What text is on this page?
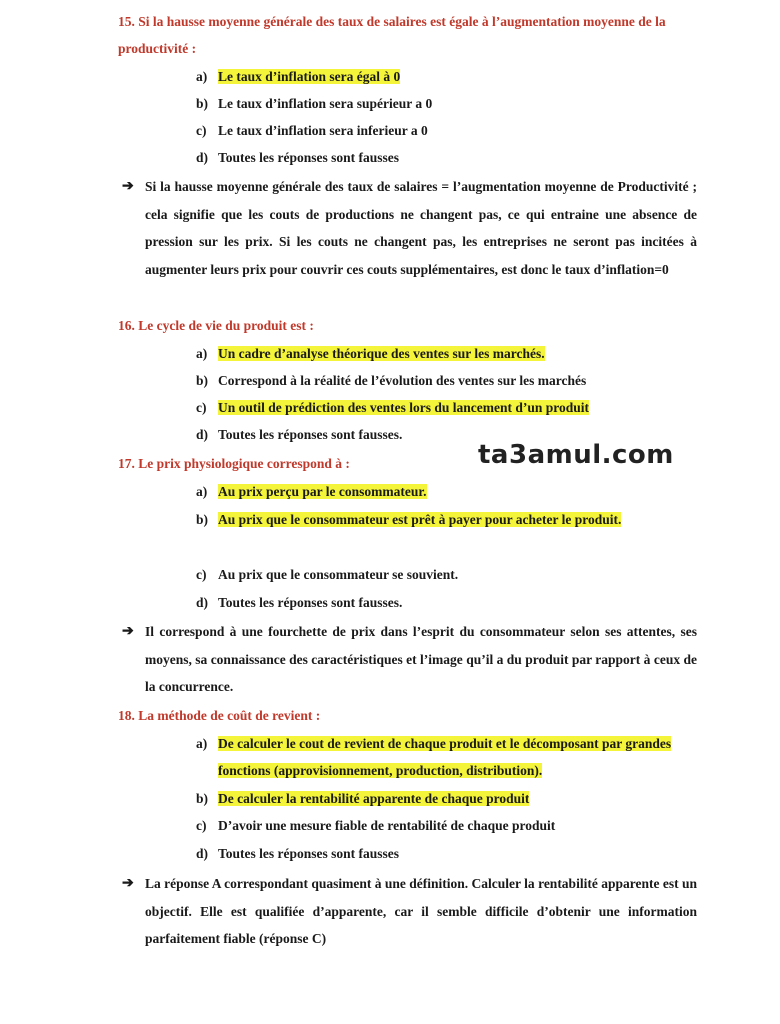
15. Si la hausse moyenne générale des taux de salaires est égale à l’augmentation moyenne de la productivité :
a) Le taux d’inflation sera égal à 0
b) Le taux d’inflation sera supérieur a 0
c) Le taux d’inflation sera inferieur a 0
d) Toutes les réponses sont fausses
➔ Si la hausse moyenne générale des taux de salaires = l’augmentation moyenne de Productivité ; cela signifie que les couts de productions ne changent pas, ce qui entraine une absence de pression sur les prix. Si les couts ne changent pas, les entreprises ne seront pas incitées à augmenter leurs prix pour couvrir ces couts supplémentaires, est donc le taux d’inflation=0
16. Le cycle de vie du produit est :
a) Un cadre d’analyse théorique des ventes sur les marchés.
b) Correspond à la réalité de l’évolution des ventes sur les marchés
c) Un outil de prédiction des ventes lors du lancement d’un produit
d) Toutes les réponses sont fausses.
ta3amul.com
17. Le prix physiologique correspond à :
a) Au prix perçu par le consommateur.
b) Au prix que le consommateur est prêt à payer pour acheter le produit.
c) Au prix que le consommateur se souvient.
d) Toutes les réponses sont fausses.
➔ Il correspond à une fourchette de prix dans l’esprit du consommateur selon ses attentes, ses moyens, sa connaissance des caractéristiques et l’image qu’il a du produit par rapport à ceux de la concurrence.
18. La méthode de coût de revient :
a) De calculer le cout de revient de chaque produit et le décomposant par grandes fonctions (approvisionnement, production, distribution).
b) De calculer la rentabilité apparente de chaque produit
c) D’avoir une mesure fiable de rentabilité de chaque produit
d) Toutes les réponses sont fausses
➔ La réponse A correspondant quasiment à une définition. Calculer la rentabilité apparente est un objectif. Elle est qualifiée d’apparente, car il semble difficile d’obtenir une information parfaitement fiable (réponse C)
